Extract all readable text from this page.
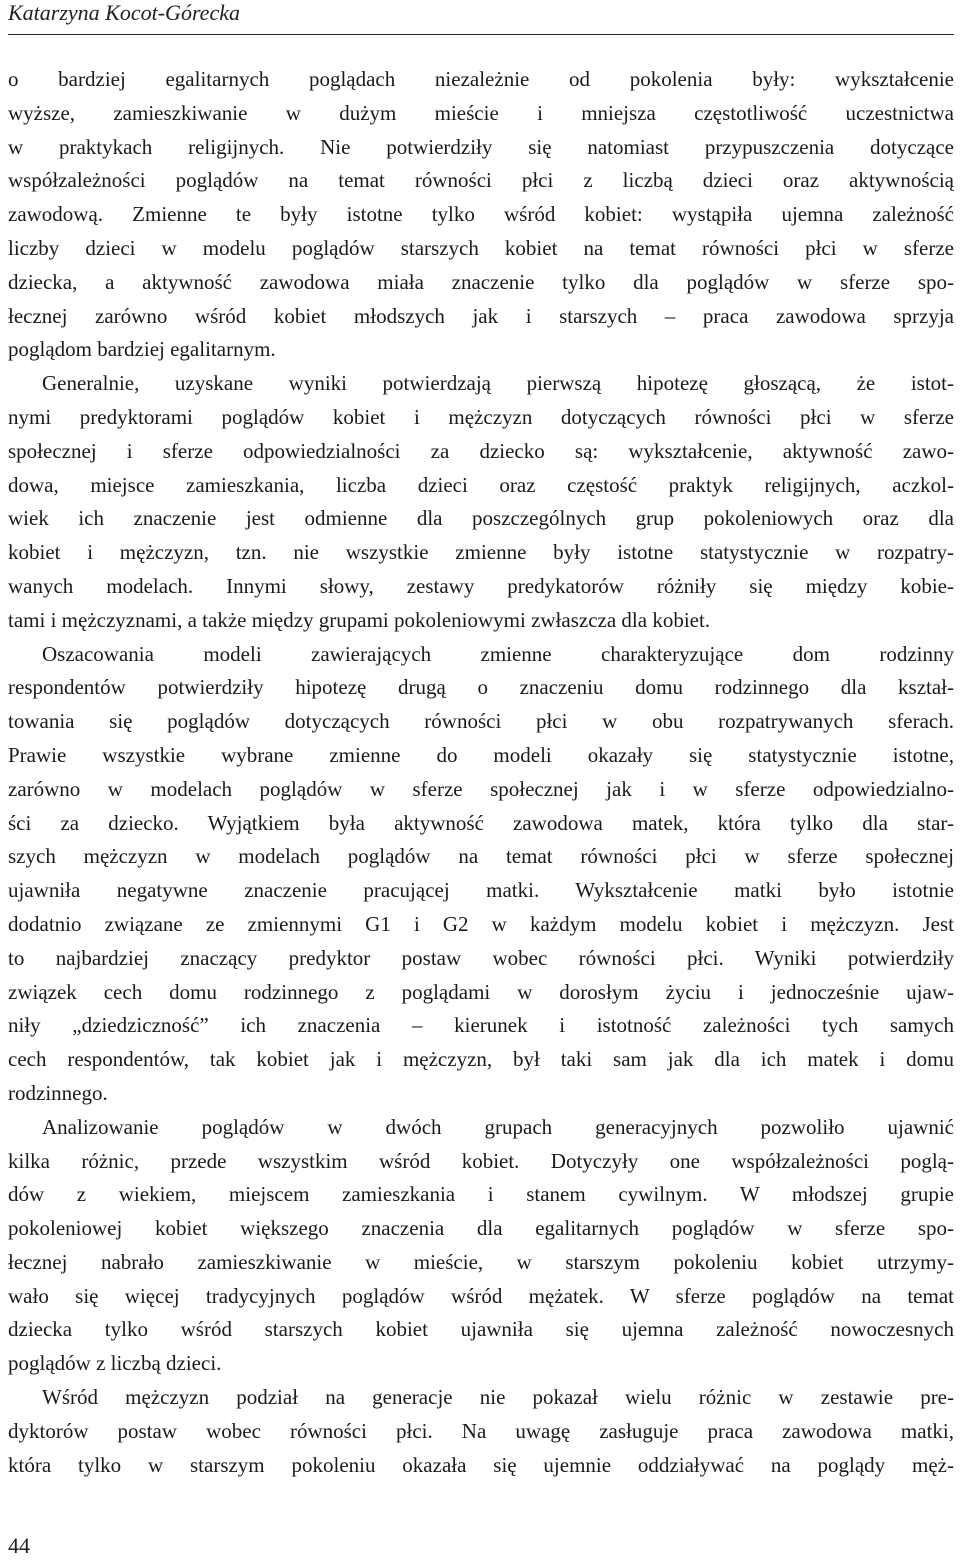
Katarzyna Kocot-Górecka

o bardziej egalitarnych poglądach niezależnie od pokolenia były: wykształcenie
wyższe, zamieszkiwanie w dużym mieście i mniejsza częstotliwość uczestnictwa
w praktykach religijnych. Nie potwierdziły się natomiast przypuszczenia dotyczące
współzależności poglądów na temat równości płci z liczbą dzieci oraz aktywnością
zawodową. Zmienne te były istotne tylko wśród kobiet: wystąpiła ujemna zależność
liczby dzieci w modelu poglądów starszych kobiet na temat równości płci w sferze
dziecka, a aktywność zawodowa miała znaczenie tylko dla poglądów w sferze spo-
łecznej zarówno wśród kobiet młodszych jak i starszych – praca zawodowa sprzyja
poglądom bardziej egalitarnym.

Generalnie, uzyskane wyniki potwierdzają pierwszą hipotezę głoszącą, że istot-
nymi predyktorami poglądów kobiet i mężczyzn dotyczących równości płci w sferze
społecznej i sferze odpowiedzialności za dziecko są: wykształcenie, aktywność zawo-
dowa, miejsce zamieszkania, liczba dzieci oraz częstość praktyk religijnych, aczkol-
wiek ich znaczenie jest odmienne dla poszczególnych grup pokoleniowych oraz dla
kobiet i mężczyzn, tzn. nie wszystkie zmienne były istotne statystycznie w rozpatry-
wanych modelach. Innymi słowy, zestawy predykatorów różniły się między kobie-
tami i mężczyznami, a także między grupami pokoleniowymi zwłaszcza dla kobiet.

Oszacowania modeli zawierających zmienne charakteryzujące dom rodzinny
respondentów potwierdziły hipotezę drugą o znaczeniu domu rodzinnego dla kształ-
towania się poglądów dotyczących równości płci w obu rozpatrywanych sferach.
Prawie wszystkie wybrane zmienne do modeli okazały się statystycznie istotne,
zarówno w modelach poglądów w sferze społecznej jak i w sferze odpowiedzialno-
ści za dziecko. Wyjątkiem była aktywność zawodowa matek, która tylko dla star-
szych mężczyzn w modelach poglądów na temat równości płci w sferze społecznej
ujawniła negatywne znaczenie pracującej matki. Wykształcenie matki było istotnie
dodatnio związane ze zmiennymi G1 i G2 w każdym modelu kobiet i mężczyzn. Jest
to najbardziej znaczący predyktor postaw wobec równości płci. Wyniki potwierdziły
związek cech domu rodzinnego z poglądami w dorosłym życiu i jednocześnie ujaw-
niły „dziedziczność” ich znaczenia – kierunek i istotność zależności tych samych
cech respondentów, tak kobiet jak i mężczyzn, był taki sam jak dla ich matek i domu
rodzinnego.

Analizowanie poglądów w dwóch grupach generacyjnych pozwoliło ujawnić
kilka różnic, przede wszystkim wśród kobiet. Dotyczyły one współzależności poglą-
dów z wiekiem, miejscem zamieszkania i stanem cywilnym. W młodszej grupie
pokoleniowej kobiet większego znaczenia dla egalitarnych poglądów w sferze spo-
łecznej nabrało zamieszkiwanie w mieście, w starszym pokoleniu kobiet utrzymy-
wało się więcej tradycyjnych poglądów wśród mężatek. W sferze poglądów na temat
dziecka tylko wśród starszych kobiet ujawniła się ujemna zależność nowoczesnych
poglądów z liczbą dzieci.

Wśród mężczyzn podział na generacje nie pokazał wielu różnic w zestawie pre-
dyktorów postaw wobec równości płci. Na uwagę zasługuje praca zawodowa matki,
która tylko w starszym pokoleniu okazała się ujemnie oddziaływać na poglądy męż-

44
